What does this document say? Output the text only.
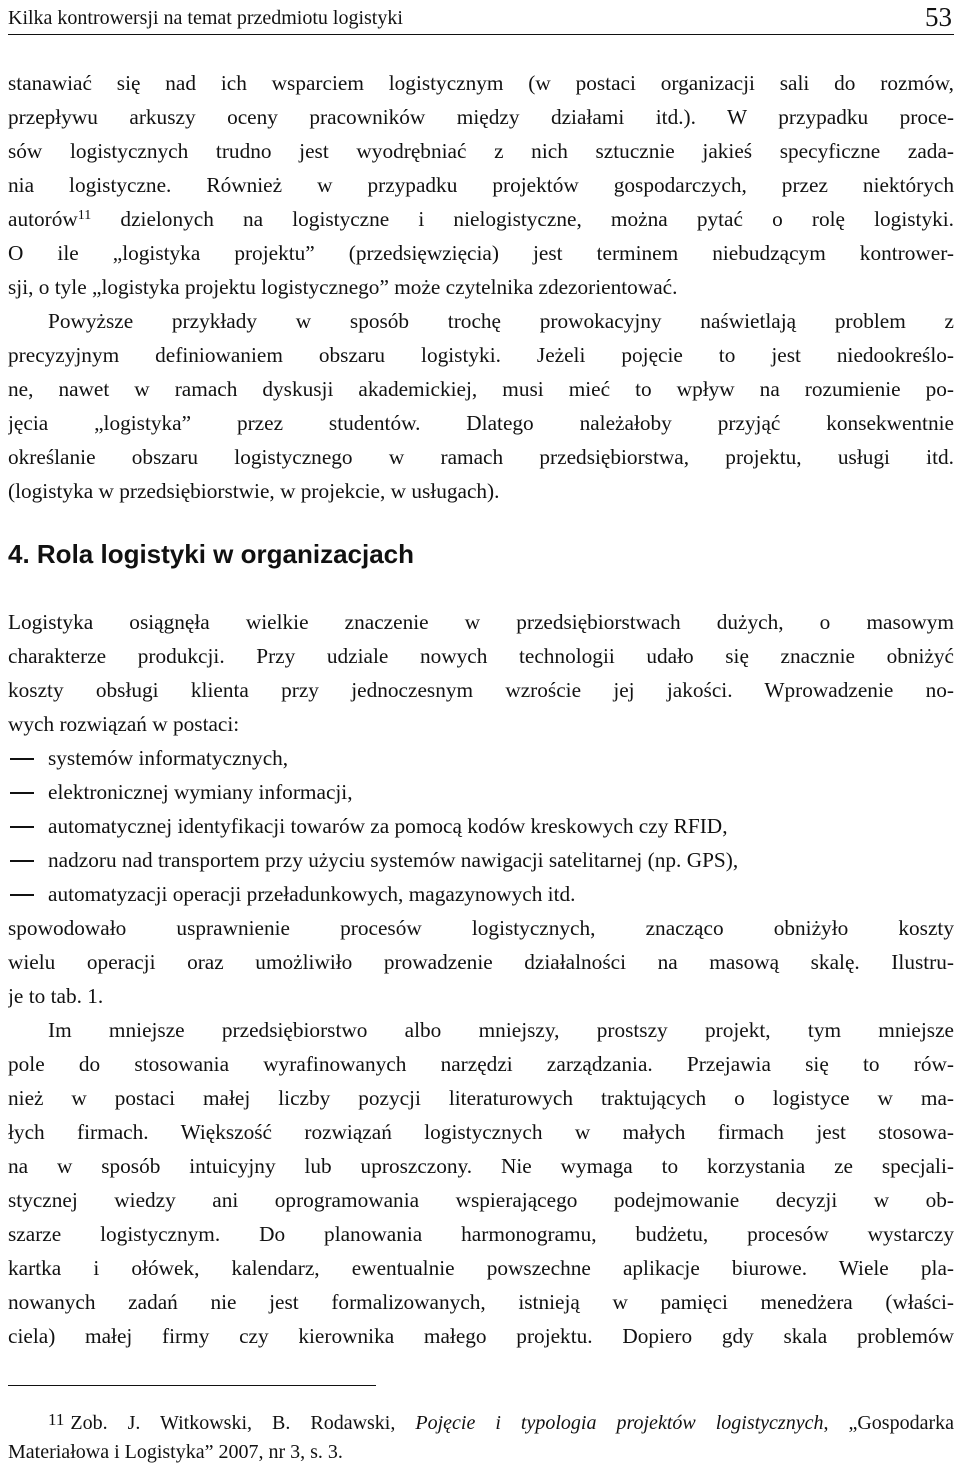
Kilka kontrowersji na temat przedmiotu logistyki	53
stanawiać się nad ich wsparciem logistycznym (w postaci organizacji sali do rozmów,
przepływu arkuszy oceny pracowników między działami itd.). W przypadku proce-
sów logistycznych trudno jest wyodrębniać z nich sztucznie jakieś specyficzne zada-
nia logistyczne. Również w przypadku projektów gospodarczych, przez niektórych
autorów$^{11}$ dzielonych na logistyczne i nielogistyczne, można pytać o rolę logistyki.
O ile „logistyka projektu” (przedsięwzięcia) jest terminem niebudzącym kontrower-
sji, o tyle „logistyka projektu logistycznego” może czytelnika zdezorientować.
Powyższe przykłady w sposób trochę prowokacyjny naświetlają problem z
precyzyjnym definiowaniem obszaru logistyki. Jeżeli pojęcie to jest niedookreślo-
ne, nawet w ramach dyskusji akademickiej, musi mieć to wpływ na rozumienie po-
jęcia „logistyka” przez studentów. Dlatego należałoby przyjąć konsekwentnie
określanie obszaru logistycznego w ramach przedsiębiorstwa, projektu, usługi itd.
(logistyka w przedsiębiorstwie, w projekcie, w usługach).
4. Rola logistyki w organizacjach
Logistyka osiągnęła wielkie znaczenie w przedsiębiorstwach dużych, o masowym
charakterze produkcji. Przy udziale nowych technologii udało się znacznie obniżyć
koszty obsługi klienta przy jednoczesnym wzroście jej jakości. Wprowadzenie no-
wych rozwiązań w postaci:
systemów informatycznych,
elektronicznej wymiany informacji,
automatycznej identyfikacji towarów za pomocą kodów kreskowych czy RFID,
nadzoru nad transportem przy użyciu systemów nawigacji satelitarnej (np. GPS),
automatyzacji operacji przeładunkowych, magazynowych itd.
spowodowało usprawnienie procesów logistycznych, znacząco obniżyło koszty
wielu operacji oraz umożliwiło prowadzenie działalności na masową skalę. Ilustru-
je to tab. 1.
Im mniejsze przedsiębiorstwo albo mniejszy, prostszy projekt, tym mniejsze
pole do stosowania wyrafinowanych narzędzi zarządzania. Przejawia się to rów-
nież w postaci małej liczby pozycji literaturowych traktujących o logistyce w ma-
łych firmach. Większość rozwiązań logistycznych w małych firmach jest stosowa-
na w sposób intuicyjny lub uproszczony. Nie wymaga to korzystania ze specjali-
stycznej wiedzy ani oprogramowania wspierającego podejmowanie decyzji w ob-
szarze logistycznym. Do planowania harmonogramu, budżetu, procesów wystarczy
kartka i ołówek, kalendarz, ewentualnie powszechne aplikacje biurowe. Wiele pla-
nowanych zadań nie jest formalizowanych, istnieją w pamięci menedżera (właści-
ciela) małej firmy czy kierownika małego projektu. Dopiero gdy skala problemów
$^{11}$ Zob. J. Witkowski, B. Rodawski, Pojęcie i typologia projektów logistycznych, „Gospodarka
Materiałowa i Logistyka” 2007, nr 3, s. 3.
